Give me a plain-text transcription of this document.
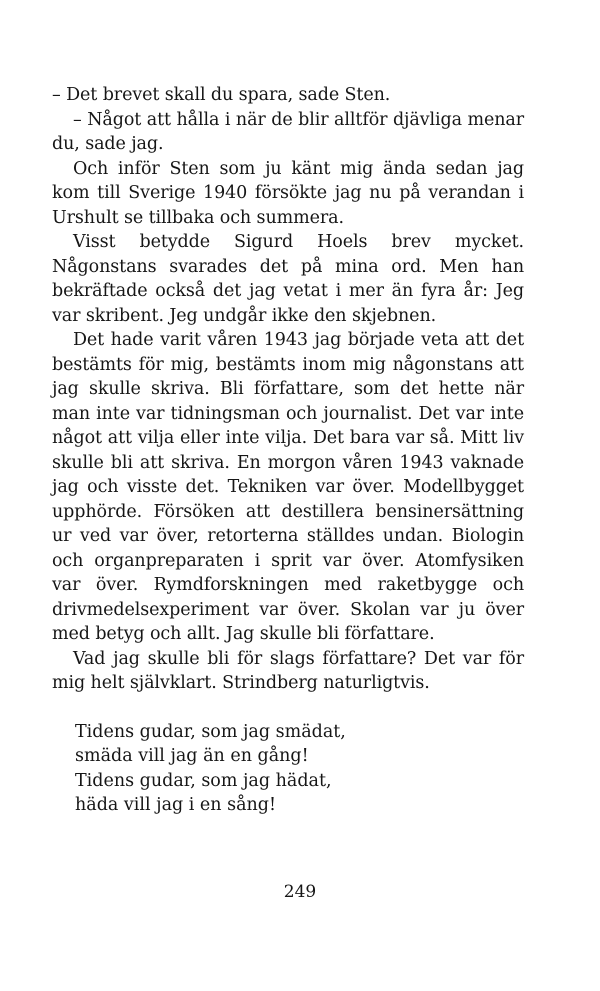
– Det brevet skall du spara, sade Sten.

– Något att hålla i när de blir alltför djävliga menar du, sade jag.

Och inför Sten som ju känt mig ända sedan jag kom till Sverige 1940 försökte jag nu på verandan i Urshult se tillbaka och summera.

Visst betydde Sigurd Hoels brev mycket. Någonstans svarades det på mina ord. Men han bekräftade också det jag vetat i mer än fyra år: Jeg var skribent. Jeg undgår ikke den skjebnen.

Det hade varit våren 1943 jag började veta att det bestämts för mig, bestämts inom mig någonstans att jag skulle skriva. Bli författare, som det hette när man inte var tidningsman och journalist. Det var inte något att vilja eller inte vilja. Det bara var så. Mitt liv skulle bli att skriva. En morgon våren 1943 vaknade jag och visste det. Tekniken var över. Modellbygget upphörde. Försöken att destillera bensinersättning ur ved var över, retorterna ställdes undan. Biologin och organpreparaten i sprit var över. Atomfysiken var över. Rymdforskningen med raketbygge och drivmedelsexperiment var över. Skolan var ju över med betyg och allt. Jag skulle bli författare.

Vad jag skulle bli för slags författare? Det var för mig helt självklart. Strindberg naturligtvis.

Tidens gudar, som jag smädat,
smäda vill jag än en gång!
Tidens gudar, som jag hädat,
häda vill jag i en sång!
249
